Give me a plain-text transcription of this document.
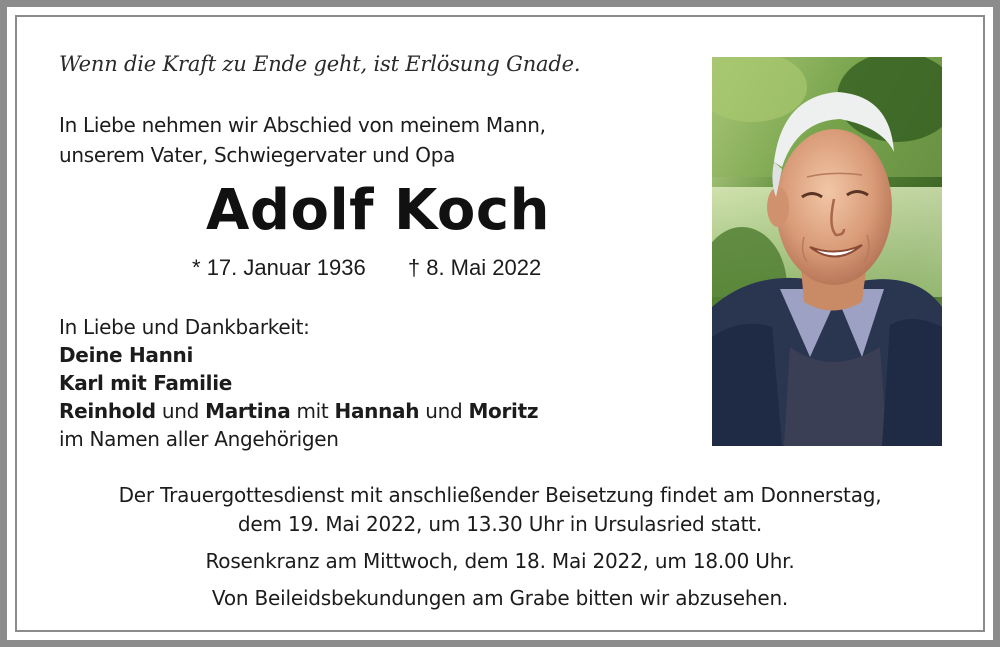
Wenn die Kraft zu Ende geht, ist Erlösung Gnade.
In Liebe nehmen wir Abschied von meinem Mann,
unserem Vater, Schwiegervater und Opa
Adolf Koch
* 17. Januar 1936 † 8. Mai 2022
In Liebe und Dankbarkeit:
Deine Hanni
Karl mit Familie
Reinhold und Martina mit Hannah und Moritz
im Namen aller Angehörigen
Der Trauergottesdienst mit anschließender Beisetzung findet am Donnerstag,
dem 19. Mai 2022, um 13.30 Uhr in Ursulasried statt.
Rosenkranz am Mittwoch, dem 18. Mai 2022, um 18.00 Uhr.
Von Beileidsbekundungen am Grabe bitten wir abzusehen.
